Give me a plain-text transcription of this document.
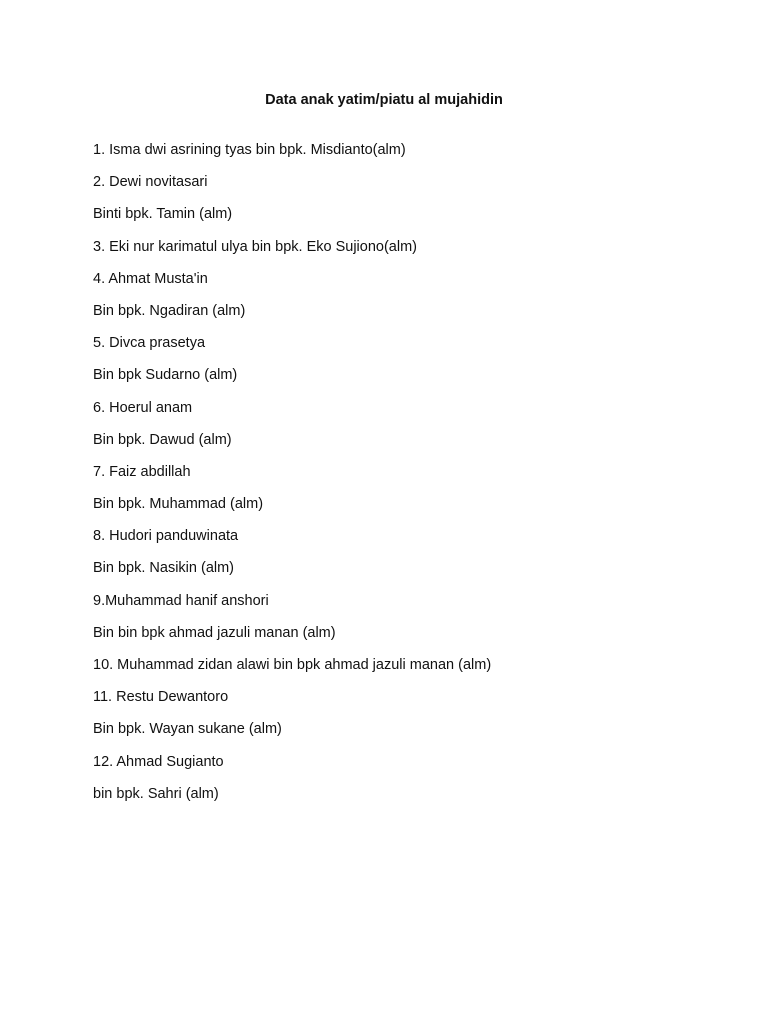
Data anak yatim/piatu al mujahidin
1. Isma dwi asrining tyas bin bpk. Misdianto(alm)
2. Dewi novitasari
Binti bpk. Tamin (alm)
3. Eki nur karimatul ulya bin bpk. Eko Sujiono(alm)
4. Ahmat Musta'in
Bin bpk. Ngadiran (alm)
5. Divca prasetya
Bin bpk Sudarno (alm)
6. Hoerul anam
Bin bpk. Dawud (alm)
7. Faiz abdillah
Bin bpk. Muhammad (alm)
8. Hudori panduwinata
Bin bpk. Nasikin (alm)
9.Muhammad hanif anshori
Bin bin bpk ahmad jazuli manan (alm)
10. Muhammad zidan alawi bin bpk ahmad jazuli manan (alm)
11. Restu Dewantoro
Bin bpk. Wayan sukane (alm)
12. Ahmad Sugianto
bin bpk. Sahri (alm)
